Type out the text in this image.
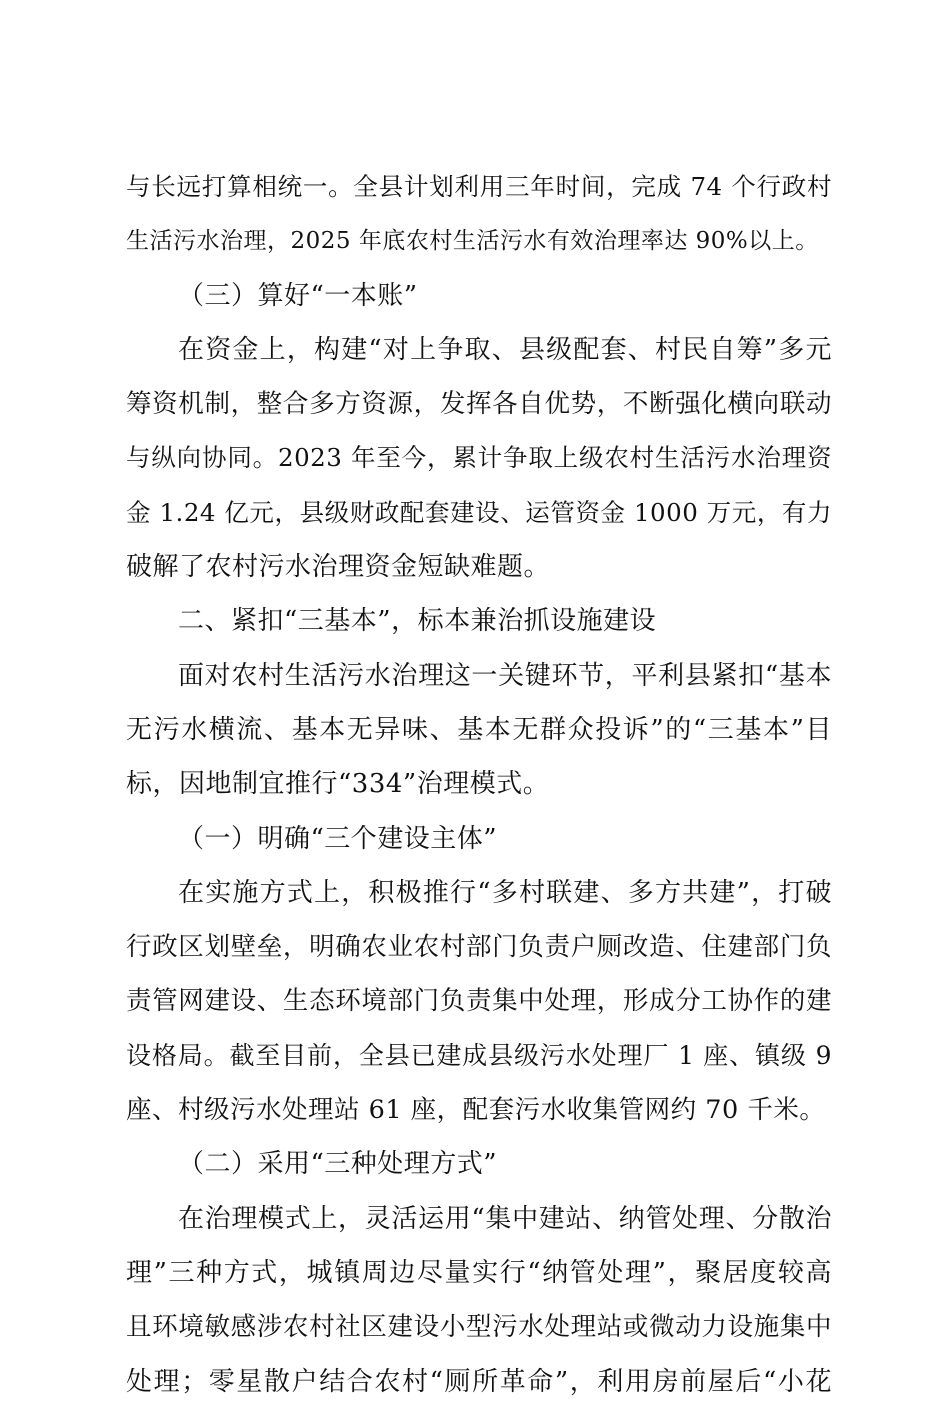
与长远打算相统一。全县计划利用三年时间，完成 74 个行政村
生活污水治理，2025 年底农村生活污水有效治理率达 90%以上。
（三）算好“一本账”
在资金上，构建“对上争取、县级配套、村民自筹”多元
筹资机制，整合多方资源，发挥各自优势，不断强化横向联动
与纵向协同。2023 年至今，累计争取上级农村生活污水治理资
金 1.24 亿元，县级财政配套建设、运管资金 1000 万元，有力
破解了农村污水治理资金短缺难题。
二、紧扣“三基本”，标本兼治抓设施建设
面对农村生活污水治理这一关键环节，平利县紧扣“基本
无污水横流、基本无异味、基本无群众投诉”的“三基本”目
标，因地制宜推行“334”治理模式。
（一）明确“三个建设主体”
在实施方式上，积极推行“多村联建、多方共建”，打破
行政区划壁垒，明确农业农村部门负责户厕改造、住建部门负
责管网建设、生态环境部门负责集中处理，形成分工协作的建
设格局。截至目前，全县已建成县级污水处理厂 1 座、镇级 9
座、村级污水处理站 61 座，配套污水收集管网约 70 千米。
（二）采用“三种处理方式”
在治理模式上，灵活运用“集中建站、纳管处理、分散治
理”三种方式，城镇周边尽量实行“纳管处理”，聚居度较高
且环境敏感涉农村社区建设小型污水处理站或微动力设施集中
处理；零星散户结合农村“厕所革命”，利用房前屋后“小花
